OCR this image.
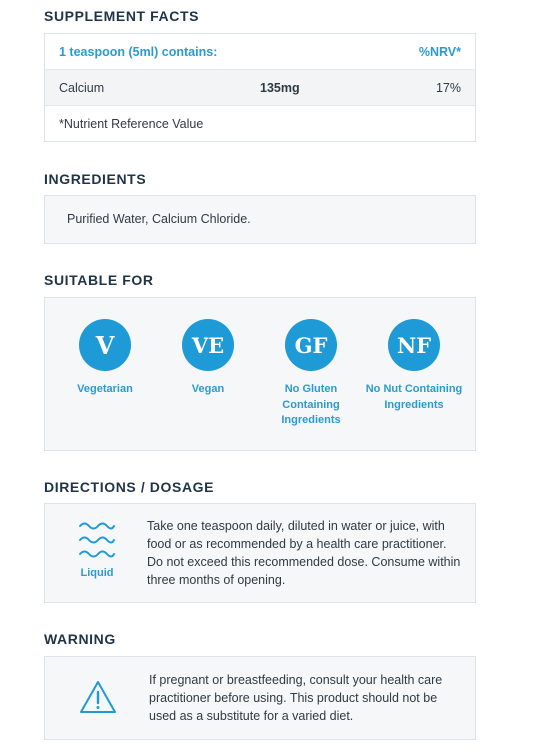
SUPPLEMENT FACTS
1 teaspoon (5ml) contains:	%NRV*
Calcium	135mg	17%
*Nutrient Reference Value
INGREDIENTS
Purified Water, Calcium Chloride.
SUITABLE FOR
V
Vegetarian
VE
Vegan
GF
No Gluten Containing Ingredients
NF
No Nut Containing Ingredients
DIRECTIONS / DOSAGE
Liquid
Take one teaspoon daily, diluted in water or juice, with food or as recommended by a health care practitioner. Do not exceed this recommended dose. Consume within three months of opening.
WARNING
If pregnant or breastfeeding, consult your health care practitioner before using. This product should not be used as a substitute for a varied diet.
